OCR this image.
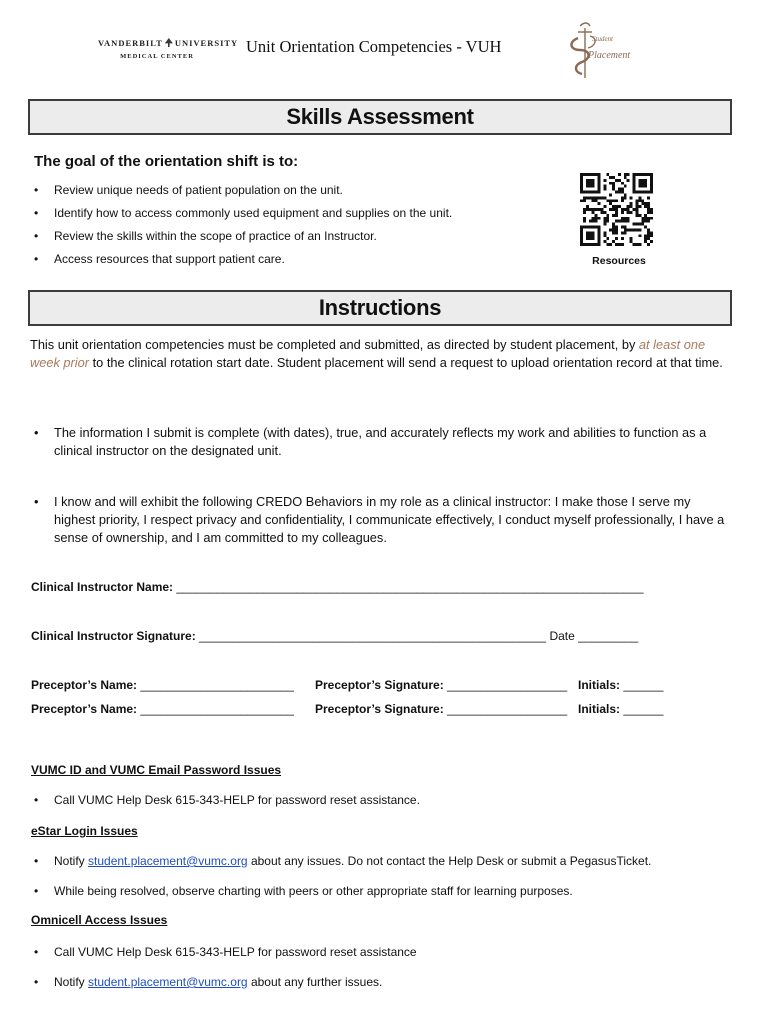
VANDERBILT UNIVERSITY
MEDICAL CENTER
Unit Orientation Competencies - VUH	Student
Placement
Skills Assessment
The goal of the orientation shift is to:
• Review unique needs of patient population on the unit.
• Identify how to access commonly used equipment and supplies on the unit.
• Review the skills within the scope of practice of an Instructor.
• Access resources that support patient care.	Resources
Instructions
This unit orientation competencies must be completed and submitted, as directed by student placement, by at least one week prior to the clinical rotation start date. Student placement will send a request to upload orientation record at that time.
• The information I submit is complete (with dates), true, and accurately reflects my work and abilities to function as a clinical instructor on the designated unit.
• I know and will exhibit the following CREDO Behaviors in my role as a clinical instructor: I make those I serve my highest priority, I respect privacy and confidentiality, I communicate effectively, I conduct myself professionally, I have a sense of ownership, and I am committed to my colleagues.
Clinical Instructor Name: ______________________________________________________________________
Clinical Instructor Signature: ____________________________________________________ Date _________
Preceptor’s Name: _______________________ Preceptor’s Signature: __________________ Initials: ______
Preceptor’s Name: _______________________ Preceptor’s Signature: __________________ Initials: ______
VUMC ID and VUMC Email Password Issues
• Call VUMC Help Desk 615-343-HELP for password reset assistance.
eStar Login Issues
• Notify student.placement@vumc.org about any issues. Do not contact the Help Desk or submit a PegasusTicket.
• While being resolved, observe charting with peers or other appropriate staff for learning purposes.
Omnicell Access Issues
• Call VUMC Help Desk 615-343-HELP for password reset assistance
• Notify student.placement@vumc.org about any further issues.
